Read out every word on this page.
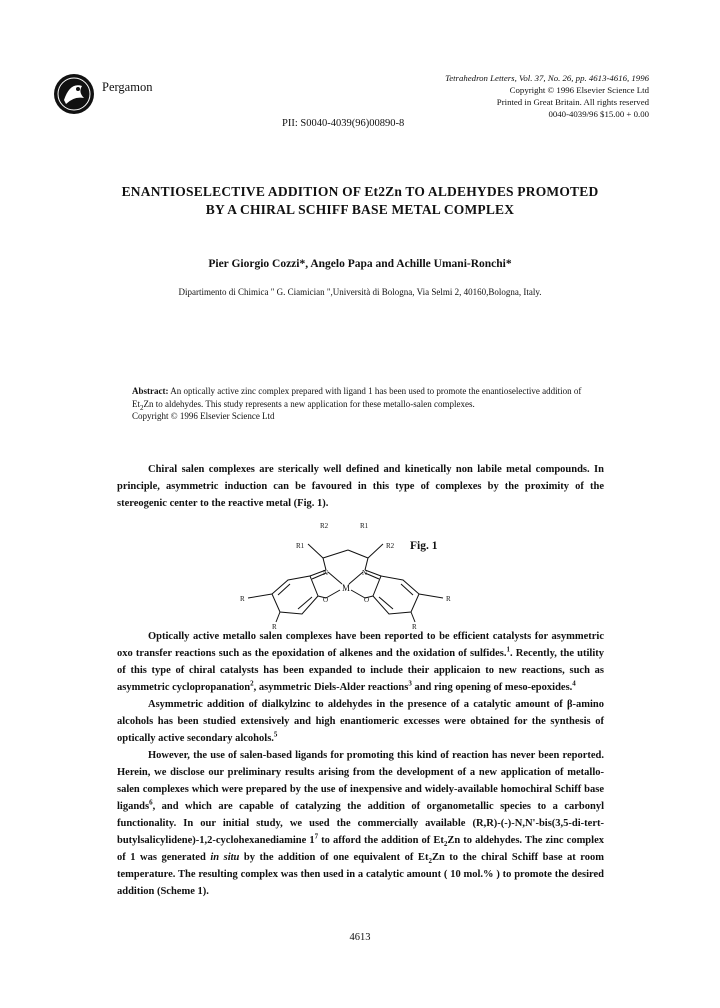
Pergamon
Tetrahedron Letters, Vol. 37, No. 26, pp. 4613-4616, 1996
Copyright © 1996 Elsevier Science Ltd
Printed in Great Britain. All rights reserved
0040-4039/96 $15.00 + 0.00
PII: S0040-4039(96)00890-8
ENANTIOSELECTIVE ADDITION OF Et2Zn TO ALDEHYDES PROMOTED
BY A CHIRAL SCHIFF BASE METAL COMPLEX
Pier Giorgio Cozzi*, Angelo Papa and Achille Umani-Ronchi*
Dipartimento di Chimica " G. Ciamician ",Università di Bologna, Via Selmi 2, 40160,Bologna, Italy.
Abstract: An optically active zinc complex prepared with ligand 1 has been used to promote the enantioselective addition of $Et_2Zn$ to aldehydes. This study represents a new application for these metallo-salen complexes.
Copyright © 1996 Elsevier Science Ltd

Chiral salen complexes are sterically well defined and kinetically non labile metal compounds. In principle, asymmetric induction can be favoured in this type of complexes by the proximity of the stereogenic center to the reactive metal (Fig. 1).

R2	R1
R1	R2
N	N
M
O	O
R	R
R	R
Fig. 1

Optically active metallo salen complexes have been reported to be efficient catalysts for asymmetric oxo transfer reactions such as the epoxidation of alkenes and the oxidation of sulfides.$^1$. Recently, the utility of this type of chiral catalysts has been expanded to include their applicaion to new reactions, such as asymmetric cyclopropanation$^2$, asymmetric Diels-Alder reactions$^3$ and ring opening of meso-epoxides.$^4$

Asymmetric addition of dialkylzinc to aldehydes in the presence of a catalytic amount of β-amino alcohols has been studied extensively and high enantiomeric excesses were obtained for the synthesis of optically active secondary alcohols.$^5$

However, the use of salen-based ligands for promoting this kind of reaction has never been reported. Herein, we disclose our preliminary results arising from the development of a new application of metallo-salen complexes which were prepared by the use of inexpensive and widely-available homochiral Schiff base ligands$^6$, and which are capable of catalyzing the addition of organometallic species to a carbonyl functionality. In our initial study, we used the commercially available (R,R)-(-)-N,N'-bis(3,5-di-tert-butylsalicylidene)-1,2-cyclohexanediamine $1^7$ to afford the addition of $Et_2Zn$ to aldehydes. The zinc complex of 1 was generated in situ by the addition of one equivalent of $Et_2Zn$ to the chiral Schiff base at room temperature. The resulting complex was then used in a catalytic amount ( 10 mol.% ) to promote the desired addition (Scheme 1).

4613
